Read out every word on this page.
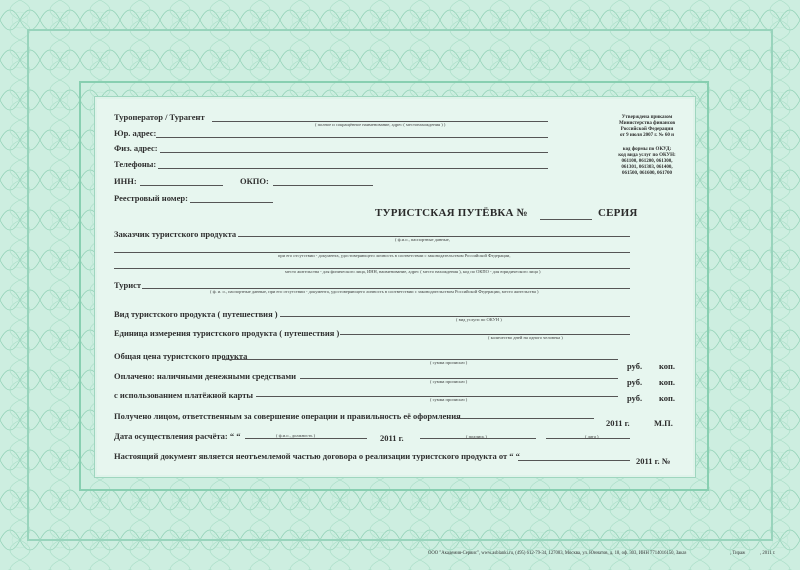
Туроператор / Турагент
( полное и сокращённое наименование, адрес ( местонахождения ) )
Юр. адрес:
Физ. адрес:
Телефоны:
ИНН:	ОКПО:
Реестровый номер:
Утверждена приказом
Министерства финансов
Российской Федерации
от 9 июля 2007 г. № 60 н
код формы по ОКУД:
код вида услуг по ОКУН:
061100, 061200, 061300,
061301, 061303, 061400,
061500, 061600, 061700
ТУРИСТСКАЯ ПУТЁВКА №	СЕРИЯ
Заказчик туристского продукта
( ф.и.о., паспортные данные,
при его отсутствии - документа, удостоверяющего личность в соответствии с законодательством Российской Федерации,
место жительства - для физического лица, ИНН, наименование, адрес ( место нахождения ), код по ОКПО - для юридического лица )
Турист
( ф. и. о., паспортные данные, при его отсутствии - документа, удостоверяющего личность в соответствии с законодательством Российской Федерации, место жительства )
Вид туристского продукта ( путешествия )
( вид услуги по ОКУН )
Единица измерения туристского продукта ( путешествия )	( количество дней на одного человека )
Общая цена туристского продукта
( сумма прописью )	руб. коп.
Оплачено: наличными денежными средствами
( сумма прописью )	руб. коп.
с использованием платёжной карты	( сумма прописью )	руб. коп.
Получено лицом, ответственным за совершение операции и правильность её оформления
2011 г.	М.П.
Дата осуществления расчёта: “ “	( ф.и.о., должность )	2011 г.	( подпись )	( дата )
Настоящий документ является неотъемлемой частью договора о реализации туристского продукта от “ “	2011 г. №
ООО "Академия-Сервис", www.asblanki.ru, (495) 612-79-34, 127083, Москва, ул. Юннатов, д. 18, оф. 303, ИНН 7714016150, Заказ	, Тираж	, 2011 г.
